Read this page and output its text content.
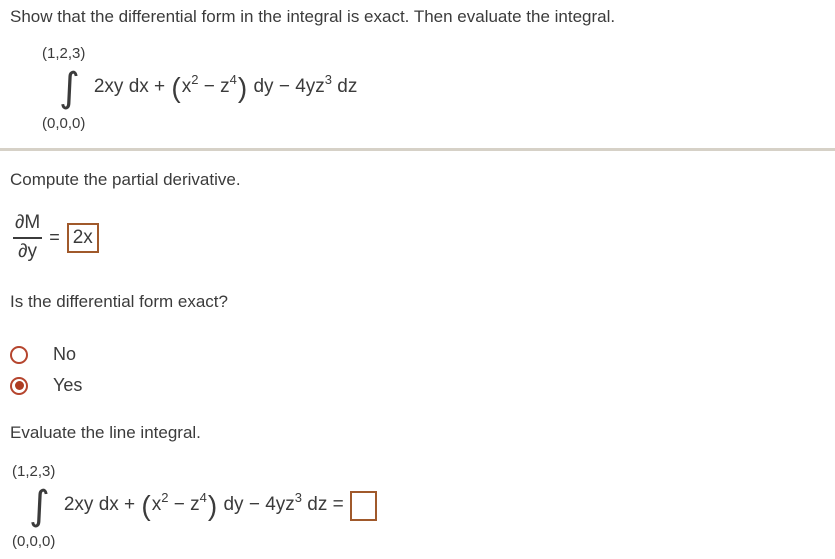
Show that the differential form in the integral is exact. Then evaluate the integral.
(1,2,3)
∫ 2xy dx + $(x^2 - z^4)$ dy − $4yz^3$ dz
(0,0,0)
Compute the partial derivative.
$\frac{\partial M}{\partial y} = 2x$
Is the differential form exact?
No
Yes
Evaluate the line integral.
(1,2,3)
∫ 2xy dx + $(x^2 - z^4)$ dy − $4yz^3$ dz =
(0,0,0)
